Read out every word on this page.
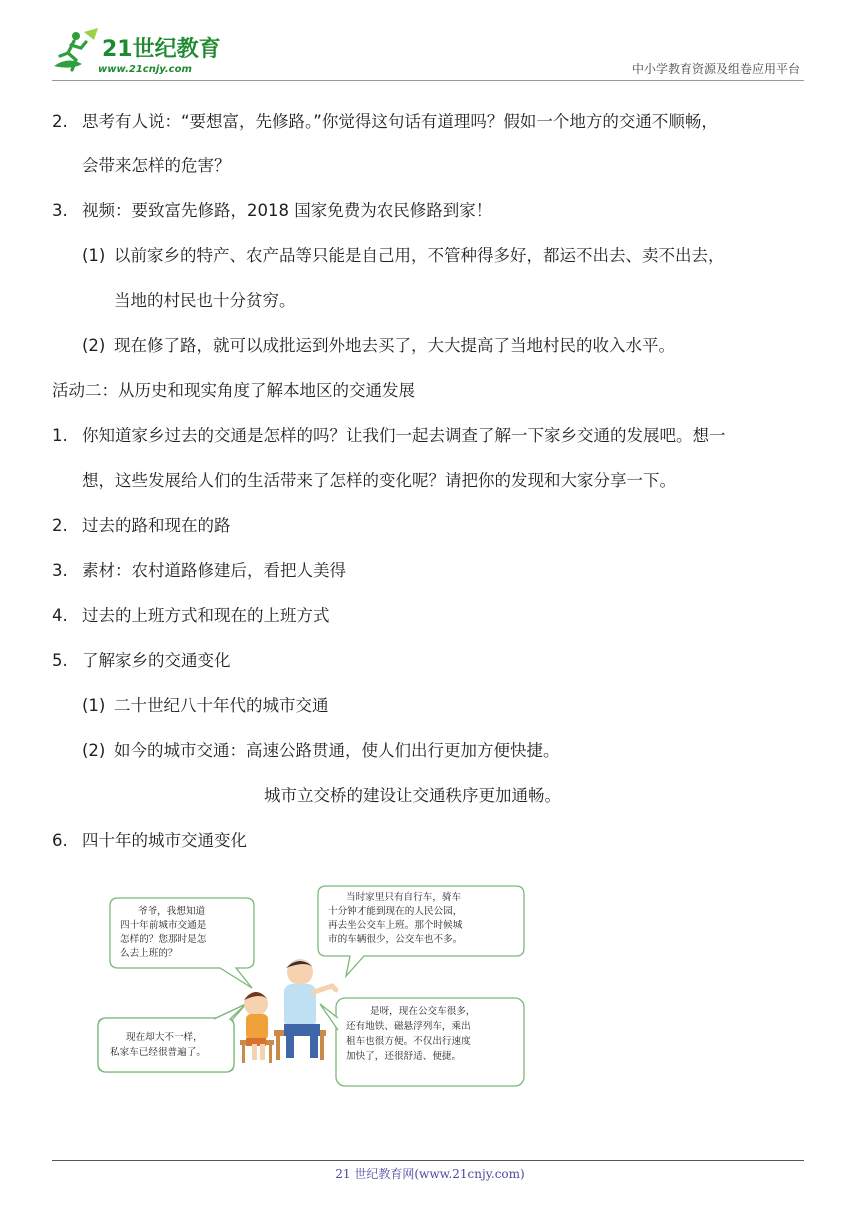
21世纪教育
www.21cnjy.com	中小学教育资源及组卷应用平台
2. 思考有人说：“要想富，先修路。”你觉得这句话有道理吗？假如一个地方的交通不顺畅，
会带来怎样的危害？
3. 视频：要致富先修路，2018 国家免费为农民修路到家！
(1) 以前家乡的特产、农产品等只能是自己用，不管种得多好，都运不出去、卖不出去，
当地的村民也十分贫穷。
(2) 现在修了路，就可以成批运到外地去买了，大大提高了当地村民的收入水平。
活动二：从历史和现实角度了解本地区的交通发展
1. 你知道家乡过去的交通是怎样的吗？让我们一起去调查了解一下家乡交通的发展吧。想一
想，这些发展给人们的生活带来了怎样的变化呢？请把你的发现和大家分享一下。
2. 过去的路和现在的路
3. 素材：农村道路修建后，看把人美得
4. 过去的上班方式和现在的上班方式
5. 了解家乡的交通变化
(1) 二十世纪八十年代的城市交通
(2) 如今的城市交通：高速公路贯通，使人们出行更加方便快捷。
城市立交桥的建设让交通秩序更加通畅。
6. 四十年的城市交通变化
爷爷，我想知道四十年前城市交通是怎样的？您那时是怎么去上班的？
当时家里只有自行车，骑车十分钟才能到现在的人民公园，再去坐公交车上班。那个时候城市的车辆很少，公交车也不多。
现在却大不一样，私家车已经很普遍了。
是呀，现在公交车很多，还有地铁、磁悬浮列车，乘出租车也很方便。不仅出行速度加快了，还很舒适、便捷。
21 世纪教育网(www.21cnjy.com)
